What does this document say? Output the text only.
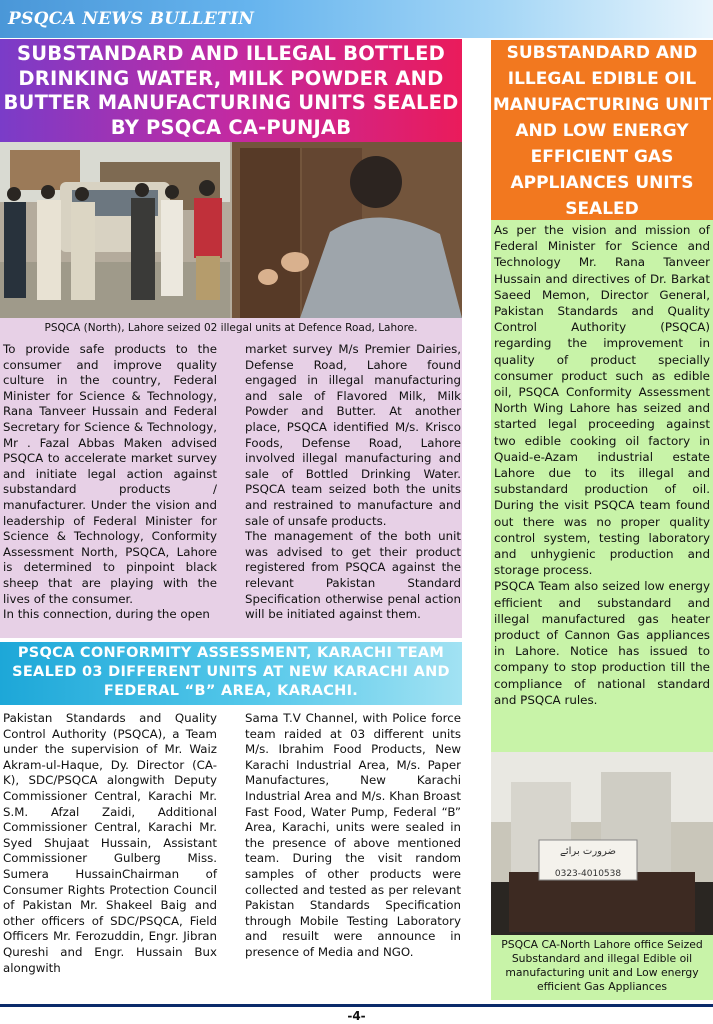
PSQCA NEWS BULLETIN
SUBSTANDARD AND ILLEGAL BOTTLED DRINKING WATER, MILK POWDER AND BUTTER MANUFACTURING UNITS SEALED BY PSQCA CA-PUNJAB
PSQCA (North), Lahore seized 02 illegal units at Defence Road, Lahore.

To provide safe products to the consumer and improve quality culture in the country, Federal Minister for Science & Technology, Rana Tanveer Hussain and Federal Secretary for Science & Technology, Mr . Fazal Abbas Maken advised PSQCA to accelerate market survey and initiate legal action against substandard products / manufacturer. Under the vision and leadership of Federal Minister for Science & Technology, Conformity Assessment North, PSQCA, Lahore is determined to pinpoint black sheep that are playing with the lives of the consumer.

In this connection, during the open

market survey M/s Premier Dairies, Defense Road, Lahore found engaged in illegal manufacturing and sale of Flavored Milk, Milk Powder and Butter. At another place, PSQCA identified M/s. Krisco Foods, Defense Road, Lahore involved illegal manufacturing and sale of Bottled Drinking Water. PSQCA team seized both the units and restrained to manufacture and sale of unsafe products.

The management of the both unit was advised to get their product registered from PSQCA against the relevant Pakistan Standard Specification otherwise penal action will be initiated against them.

PSQCA CONFORMITY ASSESSMENT, KARACHI TEAM SEALED 03 DIFFERENT UNITS AT NEW KARACHI AND FEDERAL “B” AREA, KARACHI.
Pakistan Standards and Quality Control Authority (PSQCA), a Team under the supervision of Mr. Waiz Akram-ul-Haque, Dy. Director (CA-K), SDC/PSQCA alongwith Deputy Commissioner Central, Karachi Mr. S.M. Afzal Zaidi, Additional Commissioner Central, Karachi Mr. Syed Shujaat Hussain, Assistant Commissioner Gulberg Miss. Sumera HussainChairman of Consumer Rights Protection Council of Pakistan Mr. Shakeel Baig and other officers of SDC/PSQCA, Field Officers Mr. Ferozuddin, Engr. Jibran Qureshi and Engr. Hussain Bux alongwith
Sama T.V Channel, with Police force team raided at 03 different units M/s. Ibrahim Food Products, New Karachi Industrial Area, M/s. Paper Manufactures, New Karachi Industrial Area and M/s. Khan Broast Fast Food, Water Pump, Federal “B” Area, Karachi, units were sealed in the presence of above mentioned team. During the visit random samples of other products were collected and tested as per relevant Pakistan Standards Specification through Mobile Testing Laboratory and resuilt were announce in presence of Media and NGO.
SUBSTANDARD AND ILLEGAL EDIBLE OIL MANUFACTURING UNIT AND LOW ENERGY EFFICIENT GAS APPLIANCES UNITS SEALED

As per the vision and mission of Federal Minister for Science and Technology Mr. Rana Tanveer Hussain and directives of Dr. Barkat Saeed Memon, Director General, Pakistan Standards and Quality Control Authority (PSQCA) regarding the improvement in quality of product specially consumer product such as edible oil, PSQCA Conformity Assessment North Wing Lahore has seized and started legal proceeding against two edible cooking oil factory in Quaid-e-Azam industrial estate Lahore due to its illegal and substandard production of oil. During the visit PSQCA team found out there was no proper quality control system, testing laboratory and unhygienic production and storage process.

PSQCA Team also seized low energy efficient and substandard and illegal manufactured gas heater product of Cannon Gas appliances in Lahore. Notice has issued to company to stop production till the compliance of national standard and PSQCA rules.

ضرورت برائے
0323-4010538
PSQCA CA-North Lahore office Seized Substandard and illegal Edible oil manufacturing unit and Low energy efficient Gas Appliances
-4-
